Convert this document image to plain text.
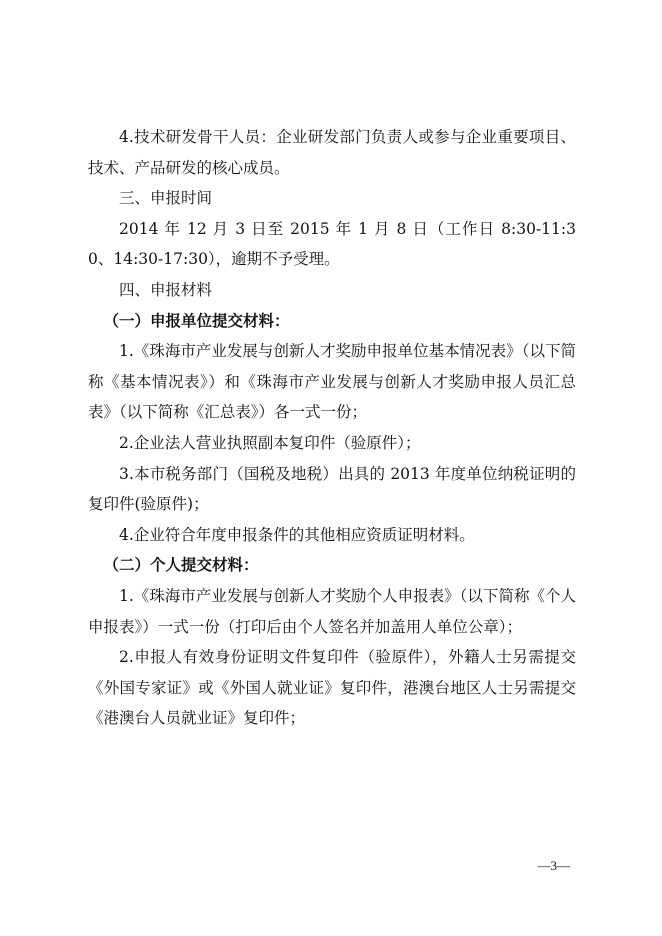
4.技术研发骨干人员：企业研发部门负责人或参与企业重要项目、技术、产品研发的核心成员。

三、申报时间

2014 年 12 月 3 日至 2015 年 1 月 8 日（工作日 8:30-11:30、14:30-17:30），逾期不予受理。

四、申报材料

（一）申报单位提交材料：

1.《珠海市产业发展与创新人才奖励申报单位基本情况表》（以下简称《基本情况表》）和《珠海市产业发展与创新人才奖励申报人员汇总表》（以下简称《汇总表》）各一式一份；

2.企业法人营业执照副本复印件（验原件）；

3.本市税务部门（国税及地税）出具的 2013 年度单位纳税证明的复印件(验原件)；

4.企业符合年度申报条件的其他相应资质证明材料。

（二）个人提交材料：

1.《珠海市产业发展与创新人才奖励个人申报表》（以下简称《个人申报表》）一式一份（打印后由个人签名并加盖用人单位公章）；

2.申报人有效身份证明文件复印件（验原件），外籍人士另需提交《外国专家证》或《外国人就业证》复印件，港澳台地区人士另需提交《港澳台人员就业证》复印件；

—3—
